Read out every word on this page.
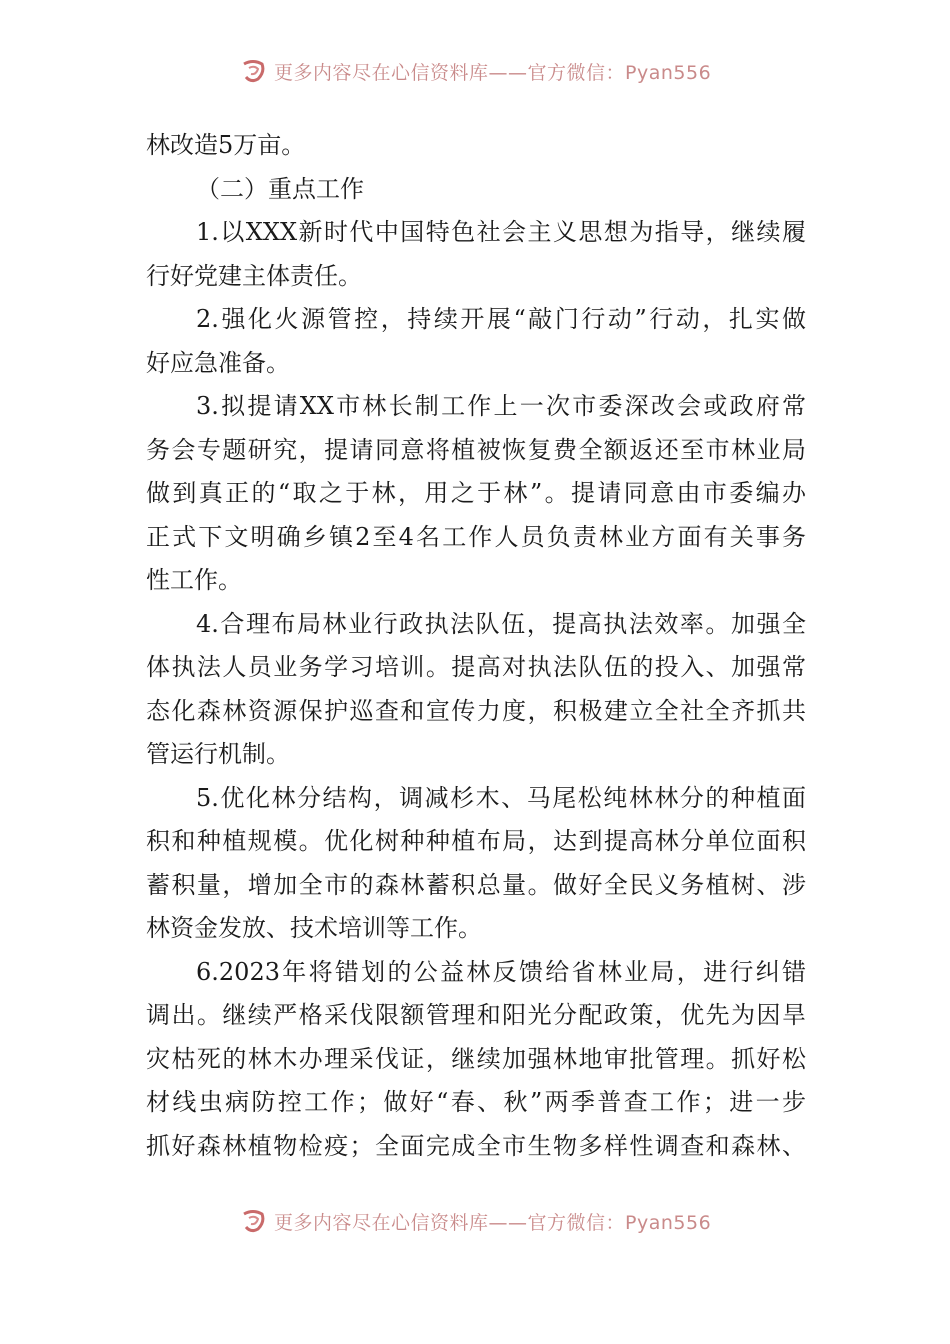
更多内容尽在心信资料库——官方微信：Pyan556
林改造5万亩。
（二）重点工作
1.以XXX新时代中国特色社会主义思想为指导，继续履
行好党建主体责任。
2.强化火源管控，持续开展“敲门行动”行动，扎实做
好应急准备。
3.拟提请XX市林长制工作上一次市委深改会或政府常
务会专题研究，提请同意将植被恢复费全额返还至市林业局
做到真正的“取之于林，用之于林”。提请同意由市委编办
正式下文明确乡镇2至4名工作人员负责林业方面有关事务
性工作。
4.合理布局林业行政执法队伍，提高执法效率。加强全
体执法人员业务学习培训。提高对执法队伍的投入、加强常
态化森林资源保护巡查和宣传力度，积极建立全社全齐抓共
管运行机制。
5.优化林分结构，调减杉木、马尾松纯林林分的种植面
积和种植规模。优化树种种植布局，达到提高林分单位面积
蓄积量，增加全市的森林蓄积总量。做好全民义务植树、涉
林资金发放、技术培训等工作。
6.2023年将错划的公益林反馈给省林业局，进行纠错
调出。继续严格采伐限额管理和阳光分配政策，优先为因旱
灾枯死的林木办理采伐证，继续加强林地审批管理。抓好松
材线虫病防控工作；做好“春、秋”两季普查工作；进一步
抓好森林植物检疫；全面完成全市生物多样性调查和森林、
更多内容尽在心信资料库——官方微信：Pyan556
